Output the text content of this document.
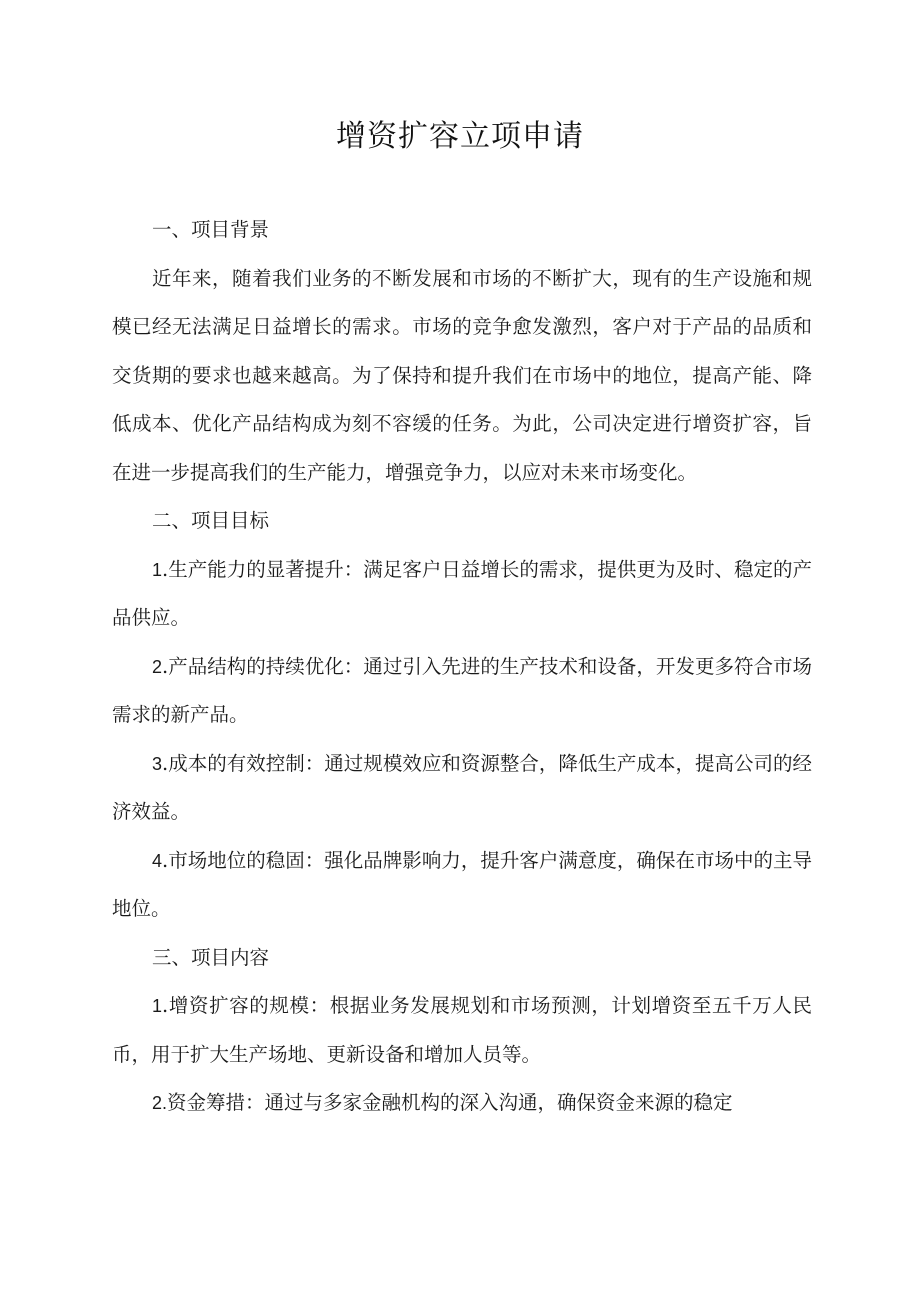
增资扩容立项申请

一、项目背景

近年来，随着我们业务的不断发展和市场的不断扩大，现有的生产设施和规模已经无法满足日益增长的需求。市场的竞争愈发激烈，客户对于产品的品质和交货期的要求也越来越高。为了保持和提升我们在市场中的地位，提高产能、降低成本、优化产品结构成为刻不容缓的任务。为此，公司决定进行增资扩容，旨在进一步提高我们的生产能力，增强竞争力，以应对未来市场变化。

二、项目目标

1.生产能力的显著提升：满足客户日益增长的需求，提供更为及时、稳定的产品供应。

2.产品结构的持续优化：通过引入先进的生产技术和设备，开发更多符合市场需求的新产品。

3.成本的有效控制：通过规模效应和资源整合，降低生产成本，提高公司的经济效益。

4.市场地位的稳固：强化品牌影响力，提升客户满意度，确保在市场中的主导地位。

三、项目内容

1.增资扩容的规模：根据业务发展规划和市场预测，计划增资至五千万人民币，用于扩大生产场地、更新设备和增加人员等。

2.资金筹措：通过与多家金融机构的深入沟通，确保资金来源的稳定
